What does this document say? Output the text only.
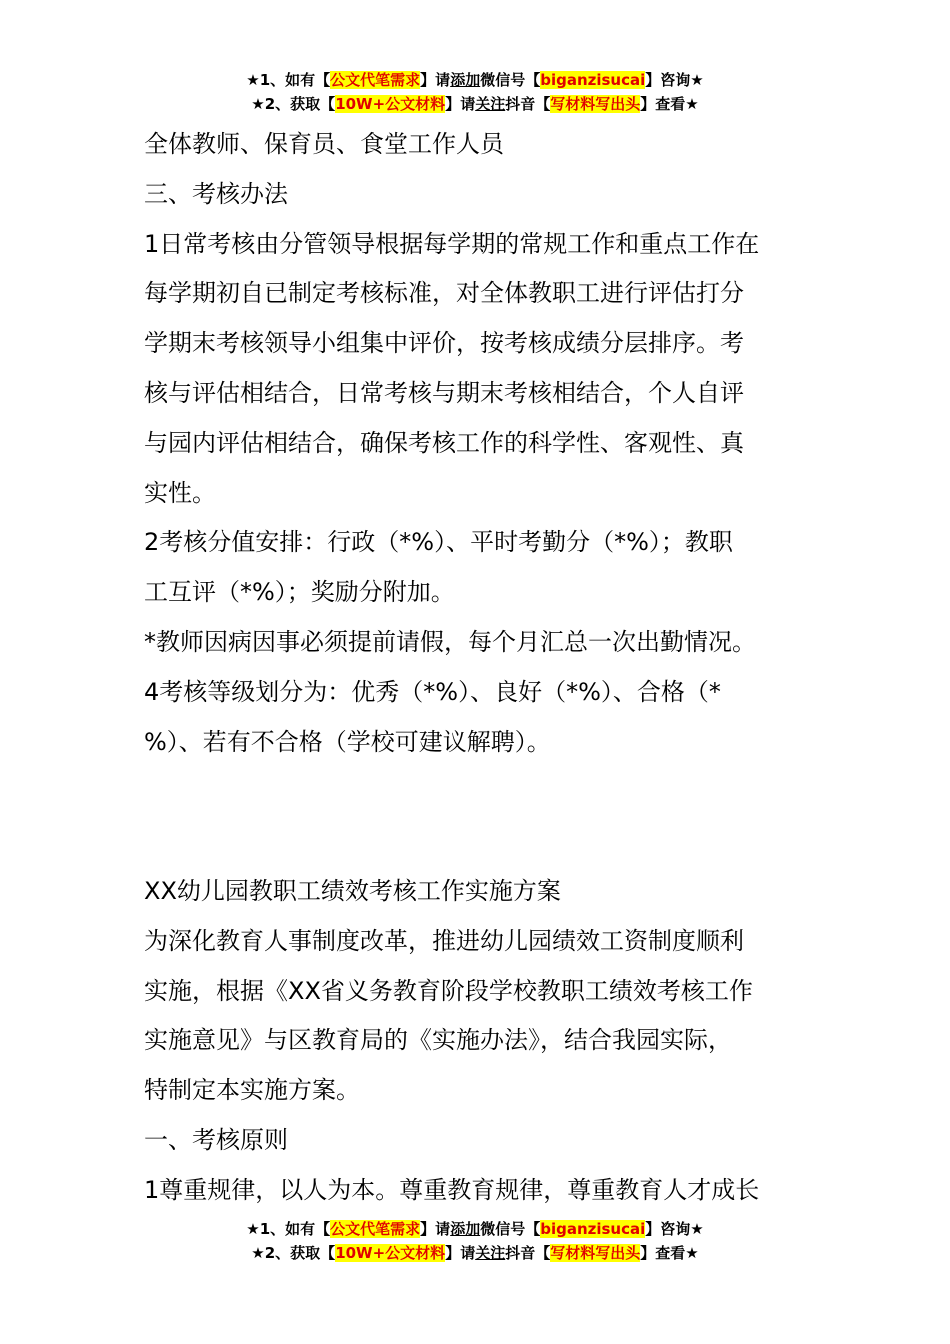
★1、如有【公文代笔需求】请添加微信号【biganzisucai】咨询★
★2、获取【10W+公文材料】请关注抖音【写材料写出头】查看★
全体教师、保育员、食堂工作人员
三、考核办法
1日常考核由分管领导根据每学期的常规工作和重点工作在
每学期初自已制定考核标准，对全体教职工进行评估打分
学期末考核领导小组集中评价，按考核成绩分层排序。考
核与评估相结合，日常考核与期末考核相结合，个人自评
与园内评估相结合，确保考核工作的科学性、客观性、真
实性。
2考核分值安排：行政（*%）、平时考勤分（*%）；教职
工互评（*%）；奖励分附加。
*教师因病因事必须提前请假，每个月汇总一次出勤情况。
4考核等级划分为：优秀（*%）、良好（*%）、合格（*
%）、若有不合格（学校可建议解聘）。
XX幼儿园教职工绩效考核工作实施方案
为深化教育人事制度改革，推进幼儿园绩效工资制度顺利
实施，根据《XX省义务教育阶段学校教职工绩效考核工作
实施意见》与区教育局的《实施办法》，结合我园实际，
特制定本实施方案。
一、考核原则
1尊重规律，以人为本。尊重教育规律，尊重教育人才成长
★1、如有【公文代笔需求】请添加微信号【biganzisucai】咨询★
★2、获取【10W+公文材料】请关注抖音【写材料写出头】查看★
